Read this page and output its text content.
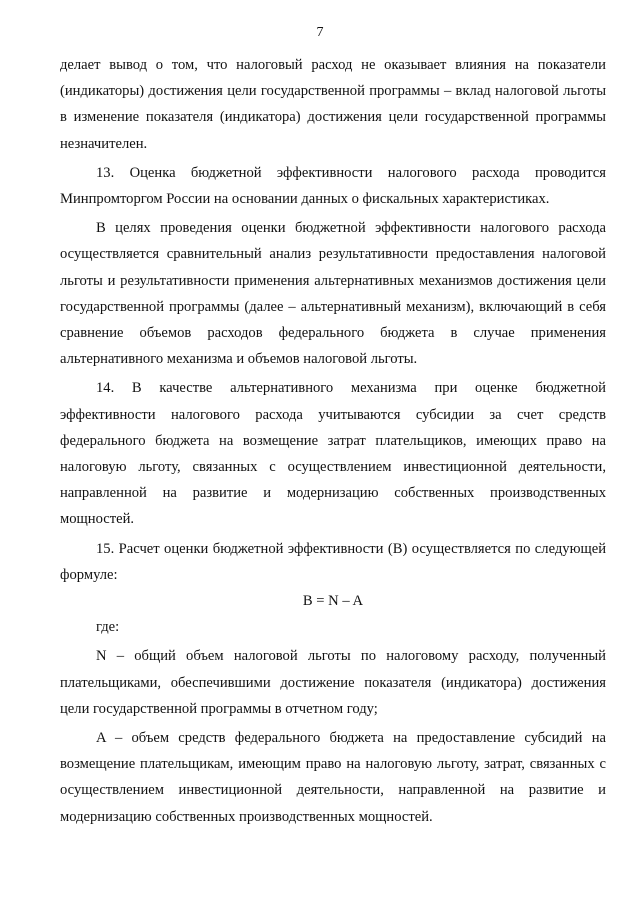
7

делает вывод о том, что налоговый расход не оказывает влияния на показатели (индикаторы) достижения цели государственной программы – вклад налоговой льготы в изменение показателя (индикатора) достижения цели государственной программы незначителен.

13. Оценка бюджетной эффективности налогового расхода проводится Минпромторгом России на основании данных о фискальных характеристиках.

В целях проведения оценки бюджетной эффективности налогового расхода осуществляется сравнительный анализ результативности предоставления налоговой льготы и результативности применения альтернативных механизмов достижения цели государственной программы (далее – альтернативный механизм), включающий в себя сравнение объемов расходов федерального бюджета в случае применения альтернативного механизма и объемов налоговой льготы.

14. В качестве альтернативного механизма при оценке бюджетной эффективности налогового расхода учитываются субсидии за счет средств федерального бюджета на возмещение затрат плательщиков, имеющих право на налоговую льготу, связанных с осуществлением инвестиционной деятельности, направленной на развитие и модернизацию собственных производственных мощностей.

15. Расчет оценки бюджетной эффективности (B) осуществляется по следующей формуле:

B = N – A

где:

N – общий объем налоговой льготы по налоговому расходу, полученный плательщиками, обеспечившими достижение показателя (индикатора) достижения цели государственной программы в отчетном году;

A – объем средств федерального бюджета на предоставление субсидий на возмещение плательщикам, имеющим право на налоговую льготу, затрат, связанных с осуществлением инвестиционной деятельности, направленной на развитие и модернизацию собственных производственных мощностей.
